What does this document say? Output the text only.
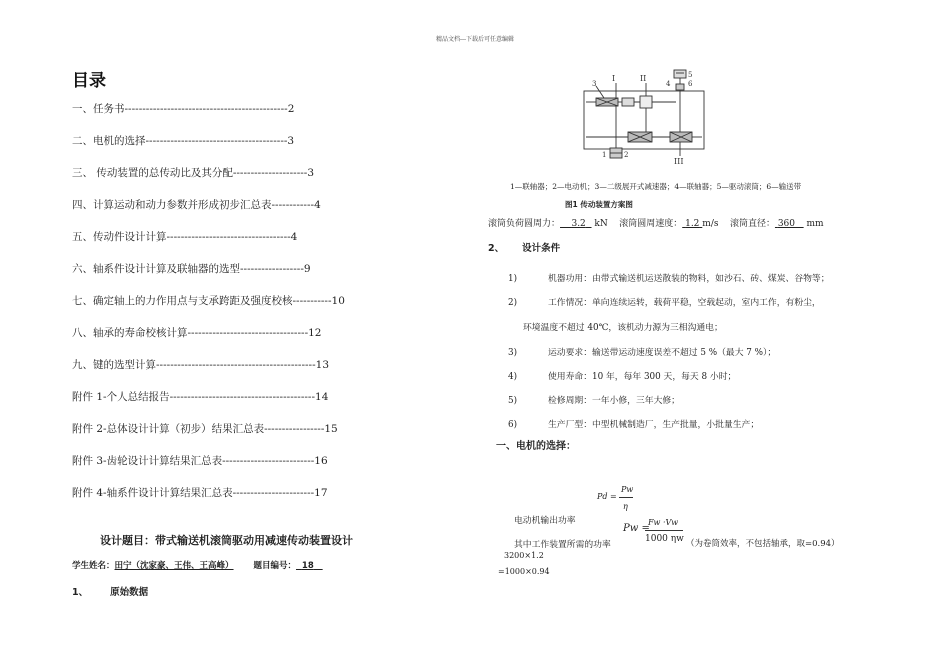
精品文档---下载后可任意编辑
目录
一、任务书----------------------------------------------2
二、电机的选择----------------------------------------3
三、 传动装置的总传动比及其分配---------------------3
四、计算运动和动力参数并形成初步汇总表------------4
五、传动件设计计算-----------------------------------4
六、轴系件设计计算及联轴器的选型------------------9
七、确定轴上的力作用点与支承跨距及强度校核-----------10
八、轴承的寿命校核计算----------------------------------12
九、键的选型计算---------------------------------------------13
附件 1-个人总结报告-----------------------------------------14
附件 2-总体设计计算（初步）结果汇总表-----------------15
附件 3-齿轮设计计算结果汇总表--------------------------16
附件 4-轴系件设计计算结果汇总表-----------------------17
设计题目：带式输送机滚筒驱动用减速传动装置设计
学生姓名：田宁（沈家豪、王伟、王高峰） 题目编号： 18
1、 原始数据
I	II	5
6
4
III
1	2
3
1—联轴器；2—电动机；3—二级展开式减速器；4—联轴器；5—驱动滚筒；6—输送带
图1 传动装置方案图
滚筒负荷圆周力： 3.2 kN 滚筒圆周速度： 1.2 m/s 滚筒直径： 360 mm
2、 设计条件
1)	机器功用：由带式输送机运送散装的物料，如沙石、砖、煤炭、谷物等；
2)	工作情况：单向连续运转，载荷平稳，空载起动，室内工作，有粉尘，
环境温度不超过 40℃，该机动力源为三相沟通电；
3)	运动要求：输送带运动速度误差不超过 5 %（最大 7 %）；
4)	使用寿命：10 年，每年 300 天，每天 8 小时；
5)	检修周期：一年小修，三年大修；
6)	生产厂型：中型机械制造厂，生产批量，小批量生产；
一、电机的选择：
Pd =
Pw
η
电动机输出功率
Pw =
Fw ·Vw
1000 ηw
其中工作装置所需的功率	（为卷筒效率，不包括轴承，取=0.94）
3200×1.2
=1000×0.94
